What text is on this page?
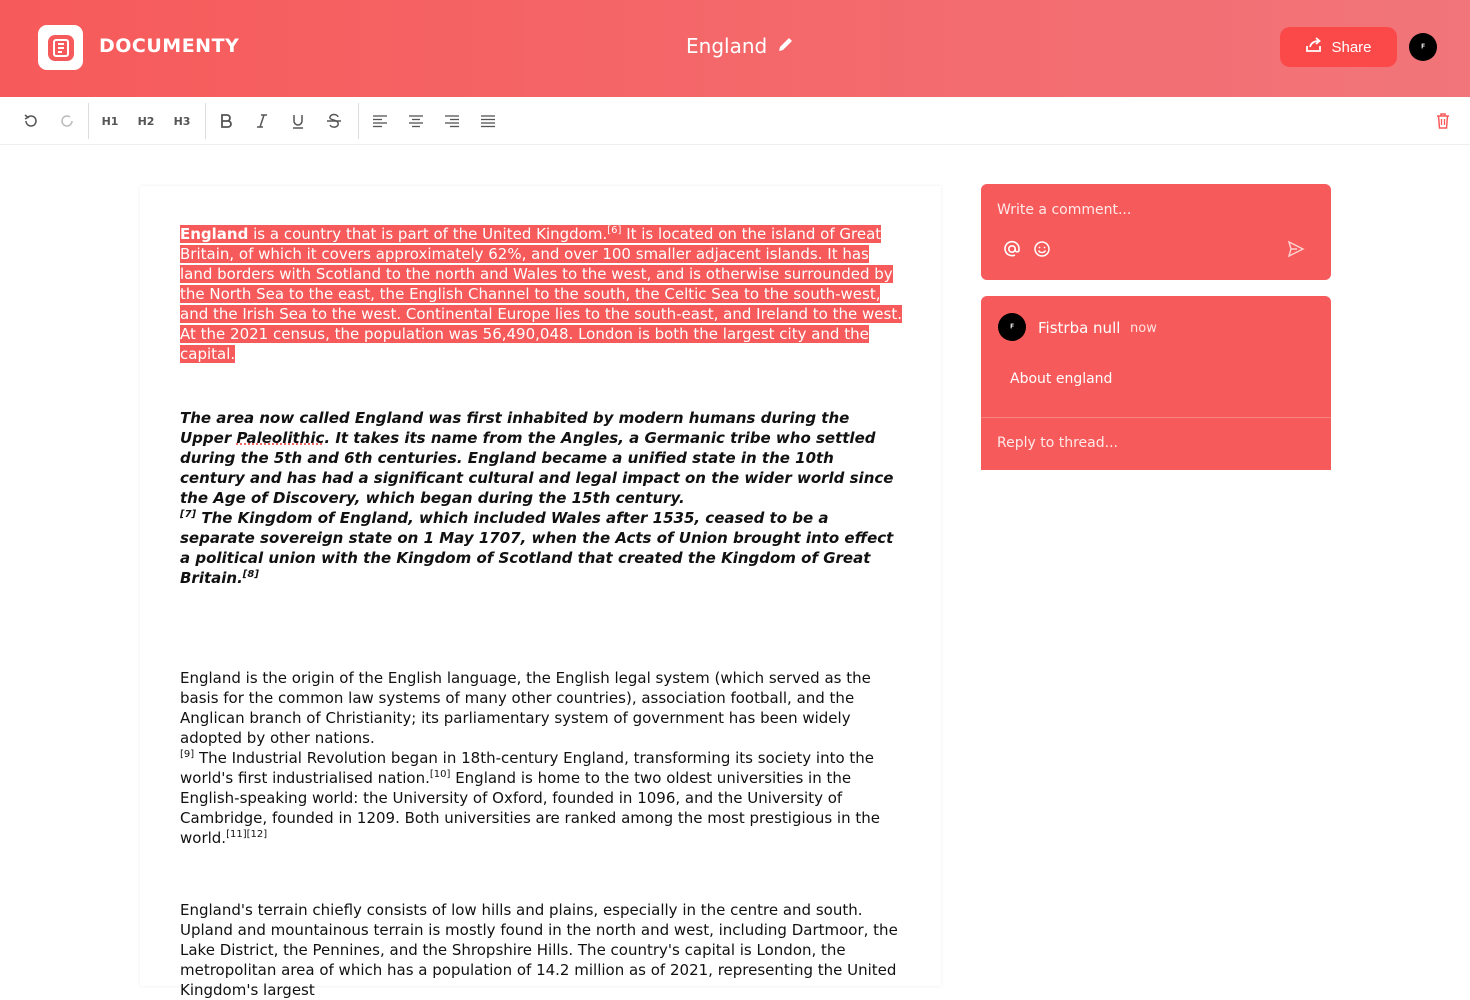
DOCUMENTY	England	Share	ꟳ
H1	H2	H3

England is a country that is part of the United Kingdom.[6] It is located on the island of Great Britain, of which it covers approximately 62%, and over 100 smaller adjacent islands. It has land borders with Scotland to the north and Wales to the west, and is otherwise surrounded by the North Sea to the east, the English Channel to the south, the Celtic Sea to the south-west, and the Irish Sea to the west. Continental Europe lies to the south-east, and Ireland to the west. At the 2021 census, the population was 56,490,048. London is both the largest city and the capital.

The area now called England was first inhabited by modern humans during the Upper Paleolithic. It takes its name from the Angles, a Germanic tribe who settled during the 5th and 6th centuries. England became a unified state in the 10th century and has had a significant cultural and legal impact on the wider world since the Age of Discovery, which began during the 15th century.
[7] The Kingdom of England, which included Wales after 1535, ceased to be a separate sovereign state on 1 May 1707, when the Acts of Union brought into effect a political union with the Kingdom of Scotland that created the Kingdom of Great Britain.[8]

England is the origin of the English language, the English legal system (which served as the basis for the common law systems of many other countries), association football, and the Anglican branch of Christianity; its parliamentary system of government has been widely adopted by other nations.
[9] The Industrial Revolution began in 18th-century England, transforming its society into the world's first industrialised nation.[10] England is home to the two oldest universities in the English-speaking world: the University of Oxford, founded in 1096, and the University of Cambridge, founded in 1209. Both universities are ranked among the most prestigious in the world.[11][12]

England's terrain chiefly consists of low hills and plains, especially in the centre and south. Upland and mountainous terrain is mostly found in the north and west, including Dartmoor, the Lake District, the Pennines, and the Shropshire Hills. The country's capital is London, the metropolitan area of which has a population of 14.2 million as of 2021, representing the United Kingdom's largest

Write a comment...
ꟳ	Fistrba null now
About england
Reply to thread...
